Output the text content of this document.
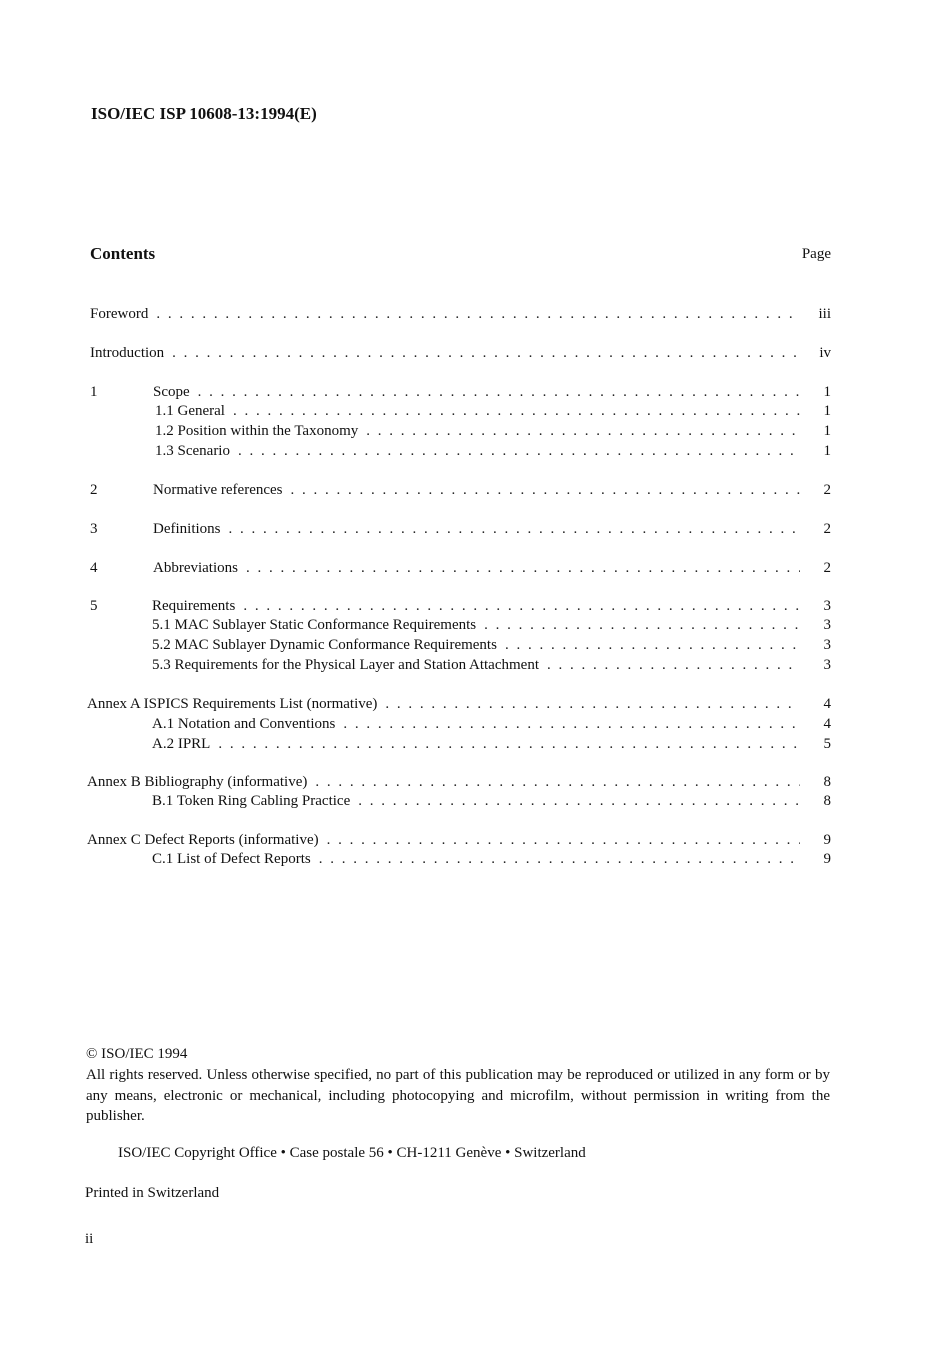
ISO/IEC ISP 10608-13:1994(E)
Contents	Page
Foreword . . .	iii
Introduction . . .	iv
1	Scope . . .	1
1.1 General . . .	1
1.2 Position within the Taxonomy . . .	1
1.3 Scenario . . .	1
2	Normative references . . .	2
3	Definitions . . .	2
4	Abbreviations . . .	2
5	Requirements . . .	3
5.1 MAC Sublayer Static Conformance Requirements . . .	3
5.2 MAC Sublayer Dynamic Conformance Requirements . . .	3
5.3 Requirements for the Physical Layer and Station Attachment . . .	3
Annex A ISPICS Requirements List (normative) . . .	4
A.1 Notation and Conventions . . .	4
A.2 IPRL . . .	5
Annex B Bibliography (informative) . . .	8
B.1 Token Ring Cabling Practice . . .	8
Annex C Defect Reports (informative) . . .	9
C.1 List of Defect Reports . . .	9
© ISO/IEC 1994
All rights reserved. Unless otherwise specified, no part of this publication may be reproduced or utilized in any form or by any means, electronic or mechanical, including photocopying and microfilm, without permission in writing from the publisher.
ISO/IEC Copyright Office • Case postale 56 • CH-1211 Genève • Switzerland
Printed in Switzerland
ii
